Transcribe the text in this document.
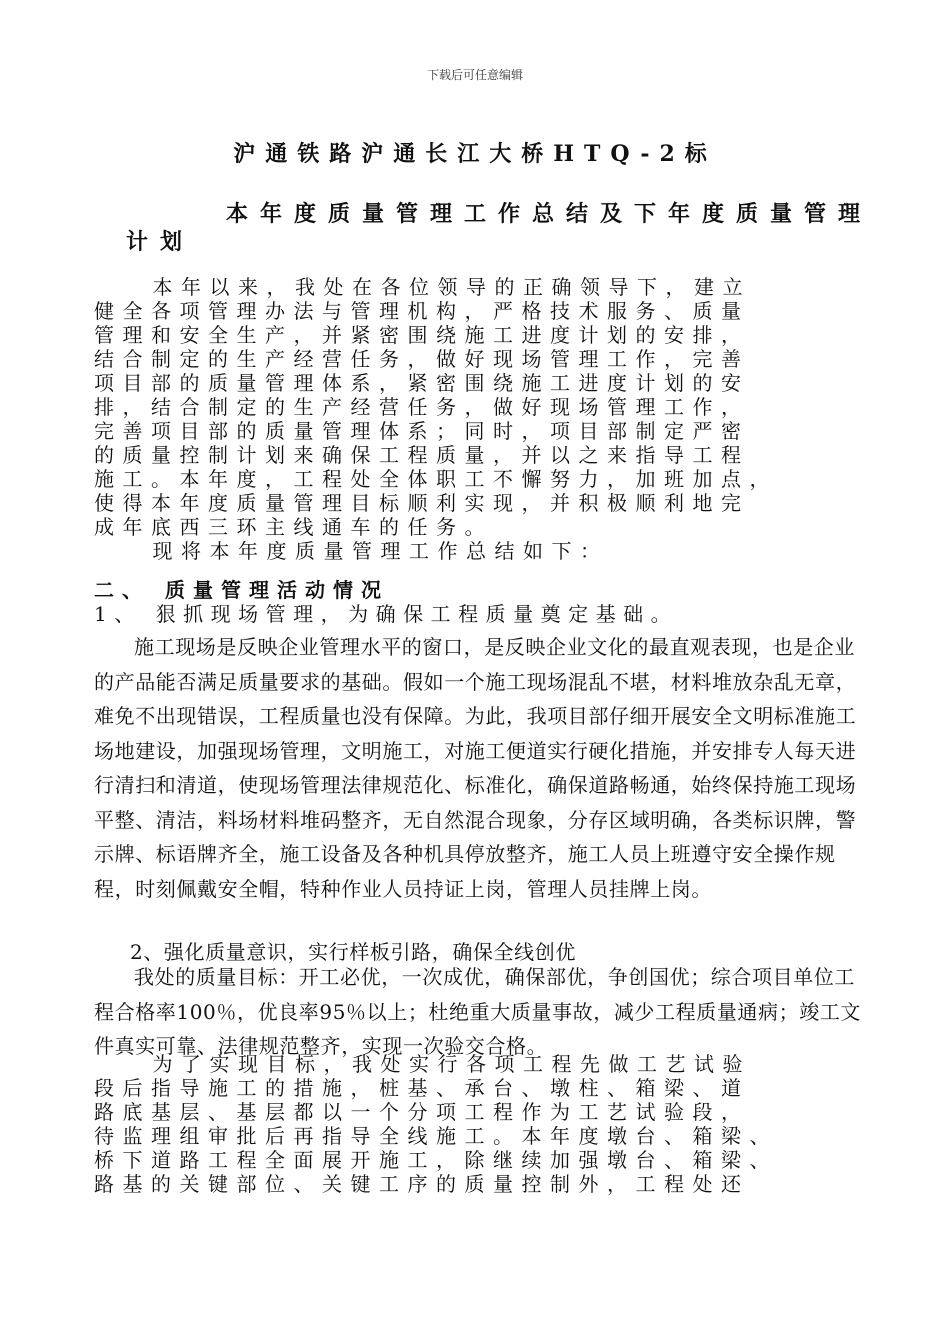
下载后可任意编辑
沪通铁路沪通长江大桥HTQ-2标
本年度质量管理工作总结及下年度质量管理
计划
　本年以来，我处在各位领导的正确领导下，建立
健全各项管理办法与管理机构，严格技术服务、质量
管理和安全生产，并紧密围绕施工进度计划的安排，
结合制定的生产经营任务，做好现场管理工作，完善
项目部的质量管理体系，紧密围绕施工进度计划的安
排，结合制定的生产经营任务，做好现场管理工作，
完善项目部的质量管理体系；同时，项目部制定严密
的质量控制计划来确保工程质量，并以之来指导工程
施工。本年度，工程处全体职工不懈努力，加班加点，
使得本年度质量管理目标顺利实现，并积极顺利地完
成年底西三环主线通车的任务。
　现将本年度质量管理工作总结如下：
二、 质量管理活动情况
1、 狠抓现场管理，为确保工程质量奠定基础。

施工现场是反映企业管理水平的窗口，是反映企业文化的最直观表现，也是企业的产品能否满足质量要求的基础。假如一个施工现场混乱不堪，材料堆放杂乱无章，难免不出现错误，工程质量也没有保障。为此，我项目部仔细开展安全文明标准施工场地建设，加强现场管理，文明施工，对施工便道实行硬化措施，并安排专人每天进行清扫和清道，使现场管理法律规范化、标准化，确保道路畅通，始终保持施工现场平整、清洁，料场材料堆码整齐，无自然混合现象，分存区域明确，各类标识牌，警示牌、标语牌齐全，施工设备及各种机具停放整齐，施工人员上班遵守安全操作规程，时刻佩戴安全帽，特种作业人员持证上岗，管理人员挂牌上岗。

2、强化质量意识，实行样板引路，确保全线创优

我处的质量目标：开工必优，一次成优，确保部优，争创国优；综合项目单位工程合格率100％，优良率95％以上；杜绝重大质量事故，减少工程质量通病；竣工文件真实可靠、法律规范整齐，实现一次验交合格。

　为了实现目标，我处实行各项工程先做工艺试验
段后指导施工的措施，桩基、承台、墩柱、箱梁、道
路底基层、基层都以一个分项工程作为工艺试验段，
待监理组审批后再指导全线施工。本年度墩台、箱梁、
桥下道路工程全面展开施工，除继续加强墩台、箱梁、
路基的关键部位、关键工序的质量控制外，工程处还
